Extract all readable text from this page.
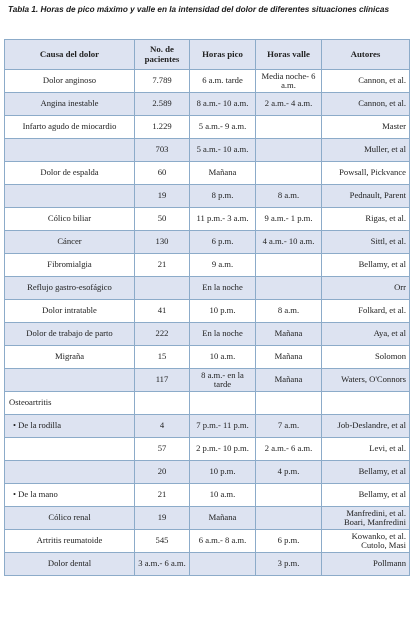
Tabla 1. Horas de pico máximo y valle en la intensidad del dolor de diferentes situaciones clínicas
Causa del dolor	No. de pacientes	Horas pico	Horas valle	Autores
Dolor anginoso	7.789	6 a.m. tarde	Media noche- 6 a.m.	Cannon, et al.
Angina inestable	2.589	8 a.m.- 10 a.m.	2 a.m.- 4 a.m.	Cannon, et al.
Infarto agudo de miocardio	1.229	5 a.m.- 9 a.m.		Master
	703	5 a.m.- 10 a.m.		Muller, et al
Dolor de espalda	60	Mañana		Powsall, Pickvance
	19	8 p.m.	8 a.m.	Pednault, Parent
Cólico biliar	50	11 p.m.- 3 a.m.	9 a.m.- 1 p.m.	Rigas, et al.
Cáncer	130	6 p.m.	4 a.m.- 10 a.m.	Sittl, et al.
Fibromialgia	21	9 a.m.		Bellamy, et al
Reflujo gastro-esofágico		En la noche		Orr
Dolor intratable	41	10 p.m.	8 a.m.	Folkard, et al.
Dolor de trabajo de parto	222	En la noche	Mañana	Aya, et al
Migraña	15	10 a.m.	Mañana	Solomon
	117	8 a.m.- en la tarde	Mañana	Waters, O'Connors
Osteoartritis				
• De la rodilla	4	7 p.m.- 11 p.m.	7 a.m.	Job-Deslandre, et al
	57	2 p.m.- 10 p.m.	2 a.m.- 6 a.m.	Levi, et al.
	20	10 p.m.	4 p.m.	Bellamy, et al
• De la mano	21	10 a.m.		Bellamy, et al
Cólico renal	19	Mañana		Manfredini, et al. Boari, Manfredini
Artritis reumatoide	545	6 a.m.- 8 a.m.	6 p.m.	Kowanko, et al. Cutolo, Masi
Dolor dental	3 a.m.- 6 a.m.		3 p.m.	Pollmann
